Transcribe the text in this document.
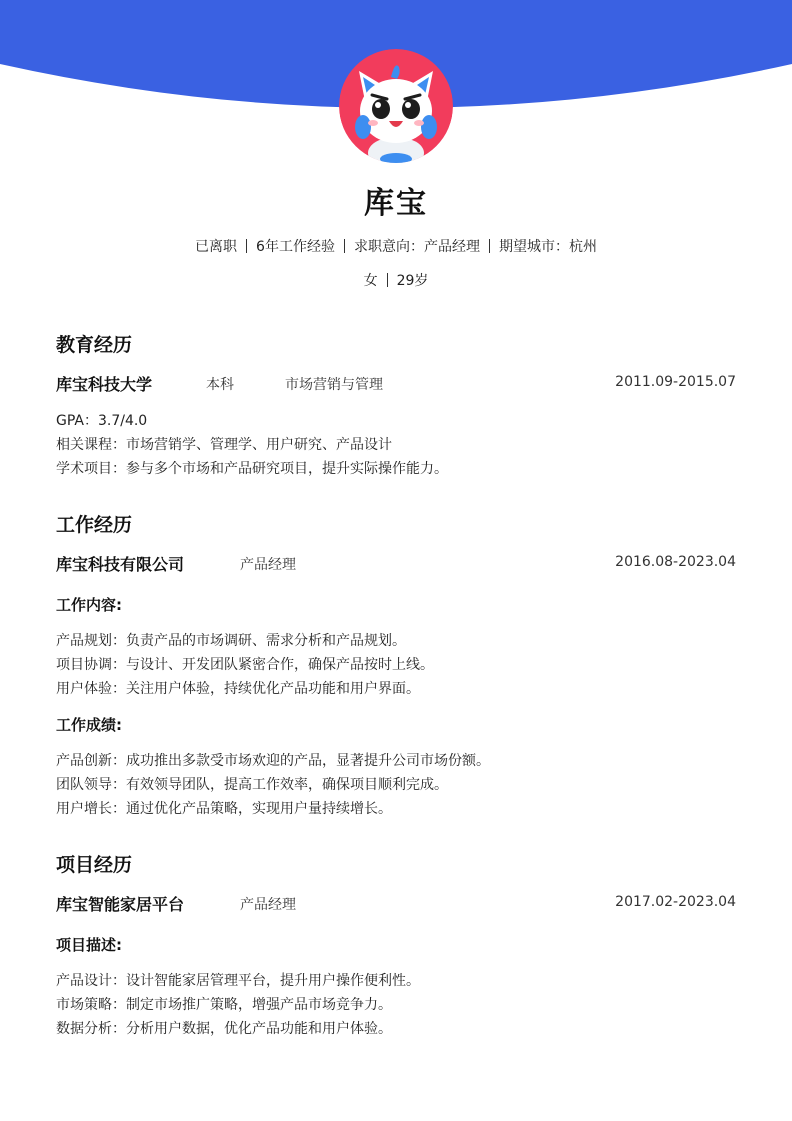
库宝
已离职 6年工作经验 求职意向：产品经理 期望城市：杭州
女 29岁
教育经历
库宝科技大学	本科	市场营销与管理	2011.09-2015.07
GPA：3.7/4.0
相关课程：市场营销学、管理学、用户研究、产品设计
学术项目：参与多个市场和产品研究项目，提升实际操作能力。
工作经历
库宝科技有限公司	产品经理	2016.08-2023.04
工作内容:
产品规划：负责产品的市场调研、需求分析和产品规划。
项目协调：与设计、开发团队紧密合作，确保产品按时上线。
用户体验：关注用户体验，持续优化产品功能和用户界面。
工作成绩:
产品创新：成功推出多款受市场欢迎的产品，显著提升公司市场份额。
团队领导：有效领导团队，提高工作效率，确保项目顺利完成。
用户增长：通过优化产品策略，实现用户量持续增长。
项目经历
库宝智能家居平台	产品经理	2017.02-2023.04
项目描述:
产品设计：设计智能家居管理平台，提升用户操作便利性。
市场策略：制定市场推广策略，增强产品市场竞争力。
数据分析：分析用户数据，优化产品功能和用户体验。
